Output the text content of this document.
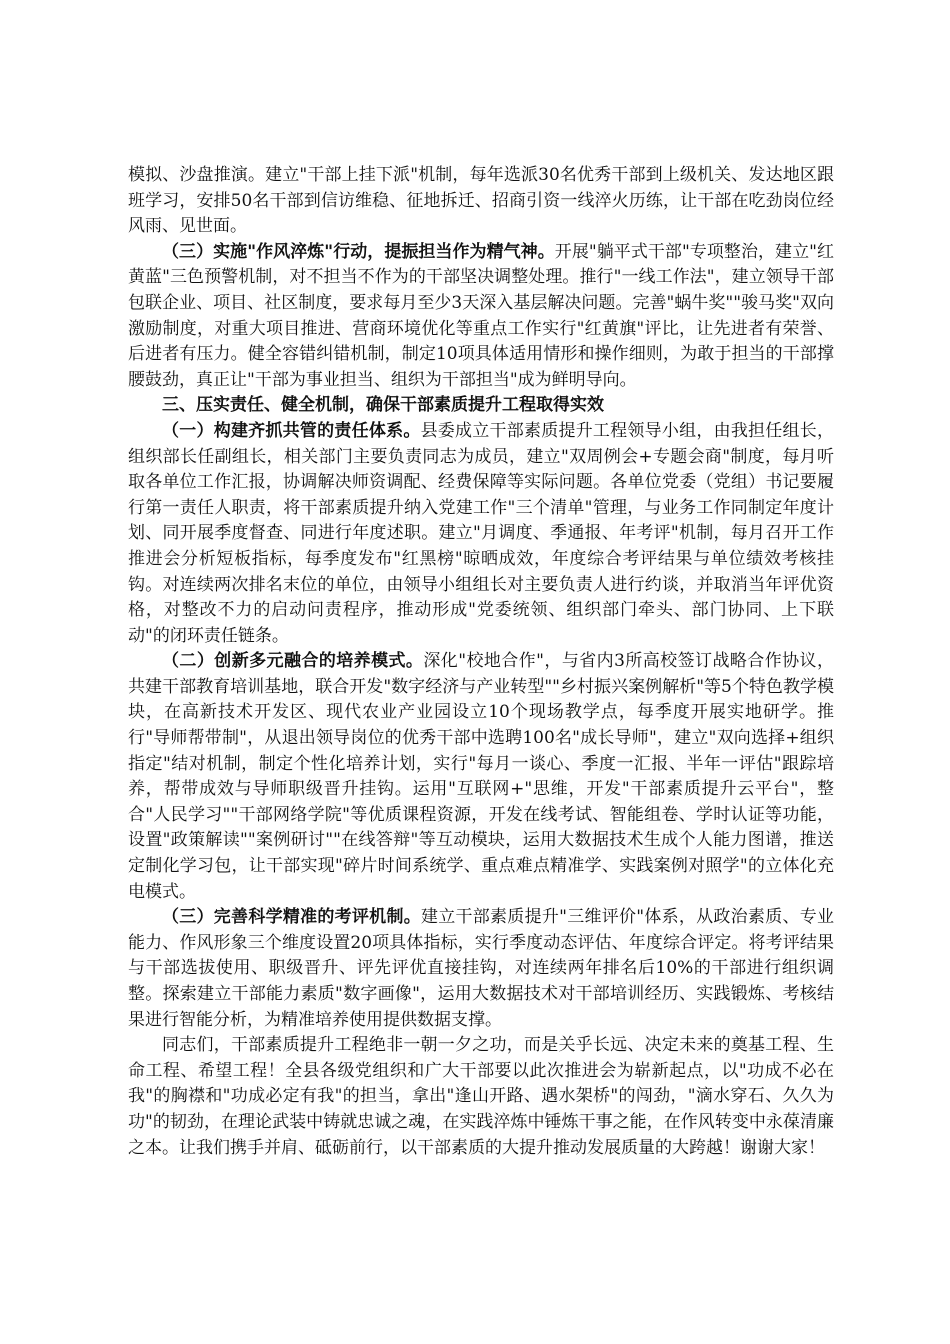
模拟、沙盘推演。建立"干部上挂下派"机制，每年选派30名优秀干部到上级机关、发达地区跟班学习，安排50名干部到信访维稳、征地拆迁、招商引资一线淬火历练，让干部在吃劲岗位经风雨、见世面。

（三）实施"作风淬炼"行动，提振担当作为精气神。开展"躺平式干部"专项整治，建立"红黄蓝"三色预警机制，对不担当不作为的干部坚决调整处理。推行"一线工作法"，建立领导干部包联企业、项目、社区制度，要求每月至少3天深入基层解决问题。完善"蜗牛奖""骏马奖"双向激励制度，对重大项目推进、营商环境优化等重点工作实行"红黄旗"评比，让先进者有荣誉、后进者有压力。健全容错纠错机制，制定10项具体适用情形和操作细则，为敢于担当的干部撑腰鼓劲，真正让"干部为事业担当、组织为干部担当"成为鲜明导向。

三、压实责任、健全机制，确保干部素质提升工程取得实效

（一）构建齐抓共管的责任体系。县委成立干部素质提升工程领导小组，由我担任组长，组织部长任副组长，相关部门主要负责同志为成员，建立"双周例会+专题会商"制度，每月听取各单位工作汇报，协调解决师资调配、经费保障等实际问题。各单位党委（党组）书记要履行第一责任人职责，将干部素质提升纳入党建工作"三个清单"管理，与业务工作同制定年度计划、同开展季度督查、同进行年度述职。建立"月调度、季通报、年考评"机制，每月召开工作推进会分析短板指标，每季度发布"红黑榜"晾晒成效，年度综合考评结果与单位绩效考核挂钩。对连续两次排名末位的单位，由领导小组组长对主要负责人进行约谈，并取消当年评优资格，对整改不力的启动问责程序，推动形成"党委统领、组织部门牵头、部门协同、上下联动"的闭环责任链条。

（二）创新多元融合的培养模式。深化"校地合作"，与省内3所高校签订战略合作协议，共建干部教育培训基地，联合开发"数字经济与产业转型""乡村振兴案例解析"等5个特色教学模块，在高新技术开发区、现代农业产业园设立10个现场教学点，每季度开展实地研学。推行"导师帮带制"，从退出领导岗位的优秀干部中选聘100名"成长导师"，建立"双向选择+组织指定"结对机制，制定个性化培养计划，实行"每月一谈心、季度一汇报、半年一评估"跟踪培养，帮带成效与导师职级晋升挂钩。运用"互联网+"思维，开发"干部素质提升云平台"，整合"人民学习""干部网络学院"等优质课程资源，开发在线考试、智能组卷、学时认证等功能，设置"政策解读""案例研讨""在线答辩"等互动模块，运用大数据技术生成个人能力图谱，推送定制化学习包，让干部实现"碎片时间系统学、重点难点精准学、实践案例对照学"的立体化充电模式。

（三）完善科学精准的考评机制。建立干部素质提升"三维评价"体系，从政治素质、专业能力、作风形象三个维度设置20项具体指标，实行季度动态评估、年度综合评定。将考评结果与干部选拔使用、职级晋升、评先评优直接挂钩，对连续两年排名后10%的干部进行组织调整。探索建立干部能力素质"数字画像"，运用大数据技术对干部培训经历、实践锻炼、考核结果进行智能分析，为精准培养使用提供数据支撑。

同志们，干部素质提升工程绝非一朝一夕之功，而是关乎长远、决定未来的奠基工程、生命工程、希望工程！全县各级党组织和广大干部要以此次推进会为崭新起点，以"功成不必在我"的胸襟和"功成必定有我"的担当，拿出"逢山开路、遇水架桥"的闯劲，"滴水穿石、久久为功"的韧劲，在理论武装中铸就忠诚之魂，在实践淬炼中锤炼干事之能，在作风转变中永葆清廉之本。让我们携手并肩、砥砺前行，以干部素质的大提升推动发展质量的大跨越！谢谢大家！
